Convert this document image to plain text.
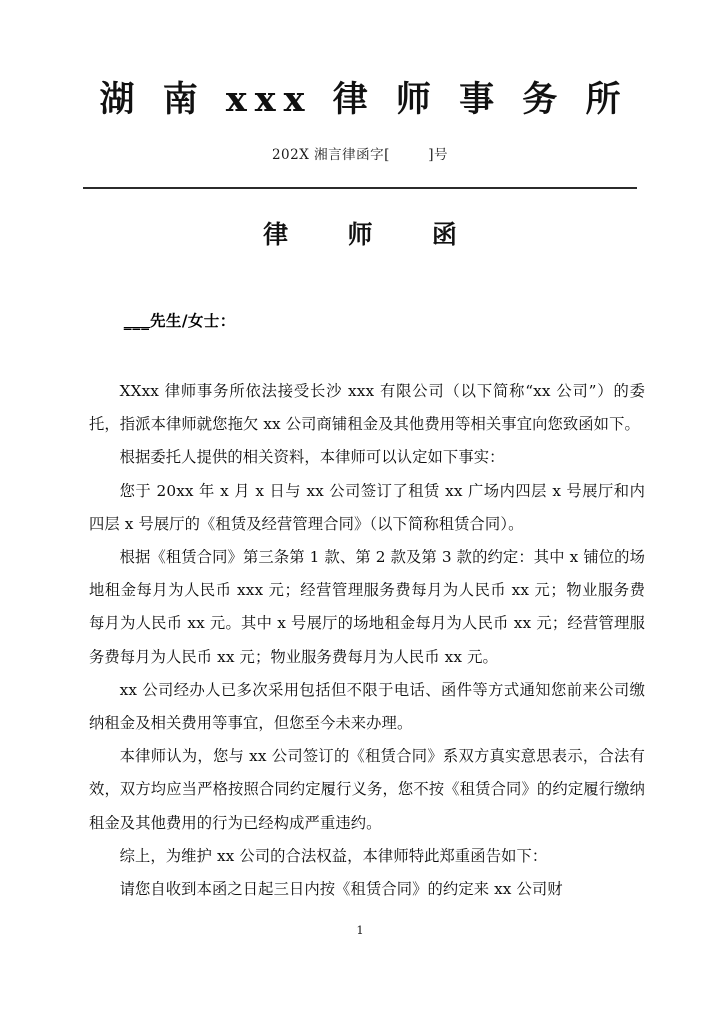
湖 南 xxx 律 师 事 务 所
202X 湘言律函字[        ]号
律  师  函

___先生/女士：

XXxx 律师事务所依法接受长沙 xxx 有限公司（以下简称“xx 公司”）的委托，指派本律师就您拖欠 xx 公司商铺租金及其他费用等相关事宜向您致函如下。

根据委托人提供的相关资料，本律师可以认定如下事实：

您于 20xx 年 x 月 x 日与 xx 公司签订了租赁 xx 广场内四层 x 号展厅和内四层 x 号展厅的《租赁及经营管理合同》（以下简称租赁合同）。

根据《租赁合同》第三条第 1 款、第 2 款及第 3 款的约定：其中 x 铺位的场地租金每月为人民币 xxx 元；经营管理服务费每月为人民币 xx 元；物业服务费每月为人民币 xx 元。其中 x 号展厅的场地租金每月为人民币 xx 元；经营管理服务费每月为人民币 xx 元；物业服务费每月为人民币 xx 元。

xx 公司经办人已多次采用包括但不限于电话、函件等方式通知您前来公司缴纳租金及相关费用等事宜，但您至今未来办理。

本律师认为，您与 xx 公司签订的《租赁合同》系双方真实意思表示，合法有效，双方均应当严格按照合同约定履行义务，您不按《租赁合同》的约定履行缴纳租金及其他费用的行为已经构成严重违约。

综上，为维护 xx 公司的合法权益，本律师特此郑重函告如下：

请您自收到本函之日起三日内按《租赁合同》的约定来 xx 公司财

1
